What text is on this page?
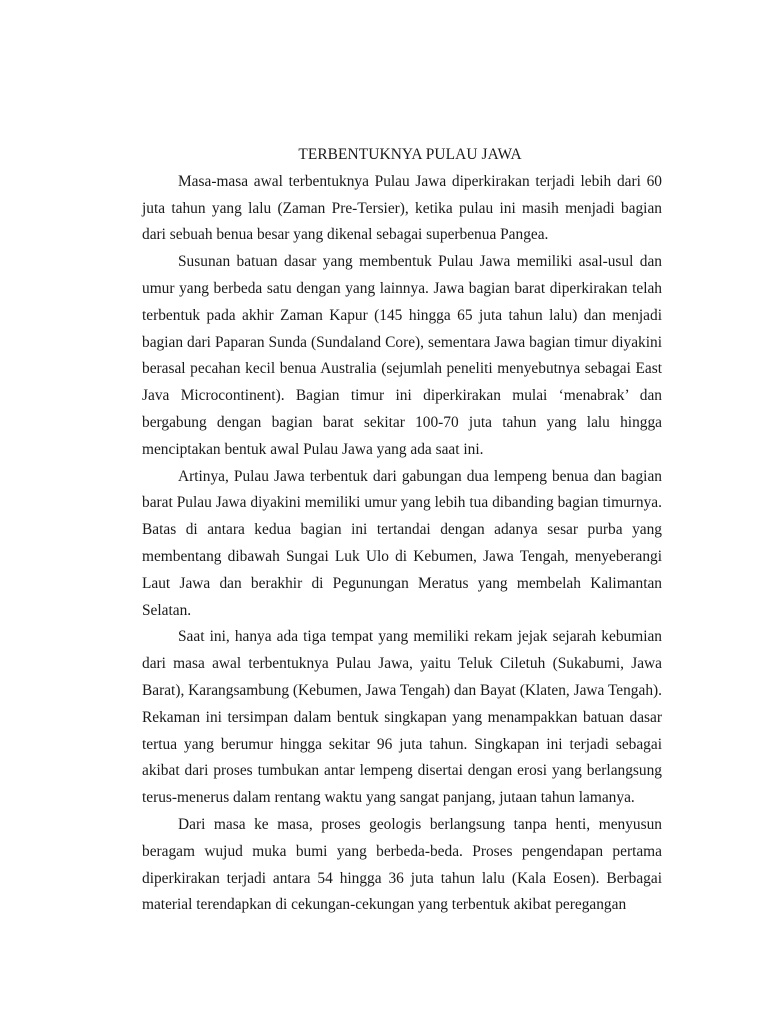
TERBENTUKNYA PULAU JAWA

Masa-masa awal terbentuknya Pulau Jawa diperkirakan terjadi lebih dari 60 juta tahun yang lalu (Zaman Pre-Tersier), ketika pulau ini masih menjadi bagian dari sebuah benua besar yang dikenal sebagai superbenua Pangea.

Susunan batuan dasar yang membentuk Pulau Jawa memiliki asal-usul dan umur yang berbeda satu dengan yang lainnya. Jawa bagian barat diperkirakan telah terbentuk pada akhir Zaman Kapur (145 hingga 65 juta tahun lalu) dan menjadi bagian dari Paparan Sunda (Sundaland Core), sementara Jawa bagian timur diyakini berasal pecahan kecil benua Australia (sejumlah peneliti menyebutnya sebagai East Java Microcontinent). Bagian timur ini diperkirakan mulai ‘menabrak’ dan bergabung dengan bagian barat sekitar 100-70 juta tahun yang lalu hingga menciptakan bentuk awal Pulau Jawa yang ada saat ini.

Artinya, Pulau Jawa terbentuk dari gabungan dua lempeng benua dan bagian barat Pulau Jawa diyakini memiliki umur yang lebih tua dibanding bagian timurnya. Batas di antara kedua bagian ini tertandai dengan adanya sesar purba yang membentang dibawah Sungai Luk Ulo di Kebumen, Jawa Tengah, menyeberangi Laut Jawa dan berakhir di Pegunungan Meratus yang membelah Kalimantan Selatan.

Saat ini, hanya ada tiga tempat yang memiliki rekam jejak sejarah kebumian dari masa awal terbentuknya Pulau Jawa, yaitu Teluk Ciletuh (Sukabumi, Jawa Barat), Karangsambung (Kebumen, Jawa Tengah) dan Bayat (Klaten, Jawa Tengah). Rekaman ini tersimpan dalam bentuk singkapan yang menampakkan batuan dasar tertua yang berumur hingga sekitar 96 juta tahun. Singkapan ini terjadi sebagai akibat dari proses tumbukan antar lempeng disertai dengan erosi yang berlangsung terus-menerus dalam rentang waktu yang sangat panjang, jutaan tahun lamanya.

Dari masa ke masa, proses geologis berlangsung tanpa henti, menyusun beragam wujud muka bumi yang berbeda-beda. Proses pengendapan pertama diperkirakan terjadi antara 54 hingga 36 juta tahun lalu (Kala Eosen). Berbagai material terendapkan di cekungan-cekungan yang terbentuk akibat peregangan
